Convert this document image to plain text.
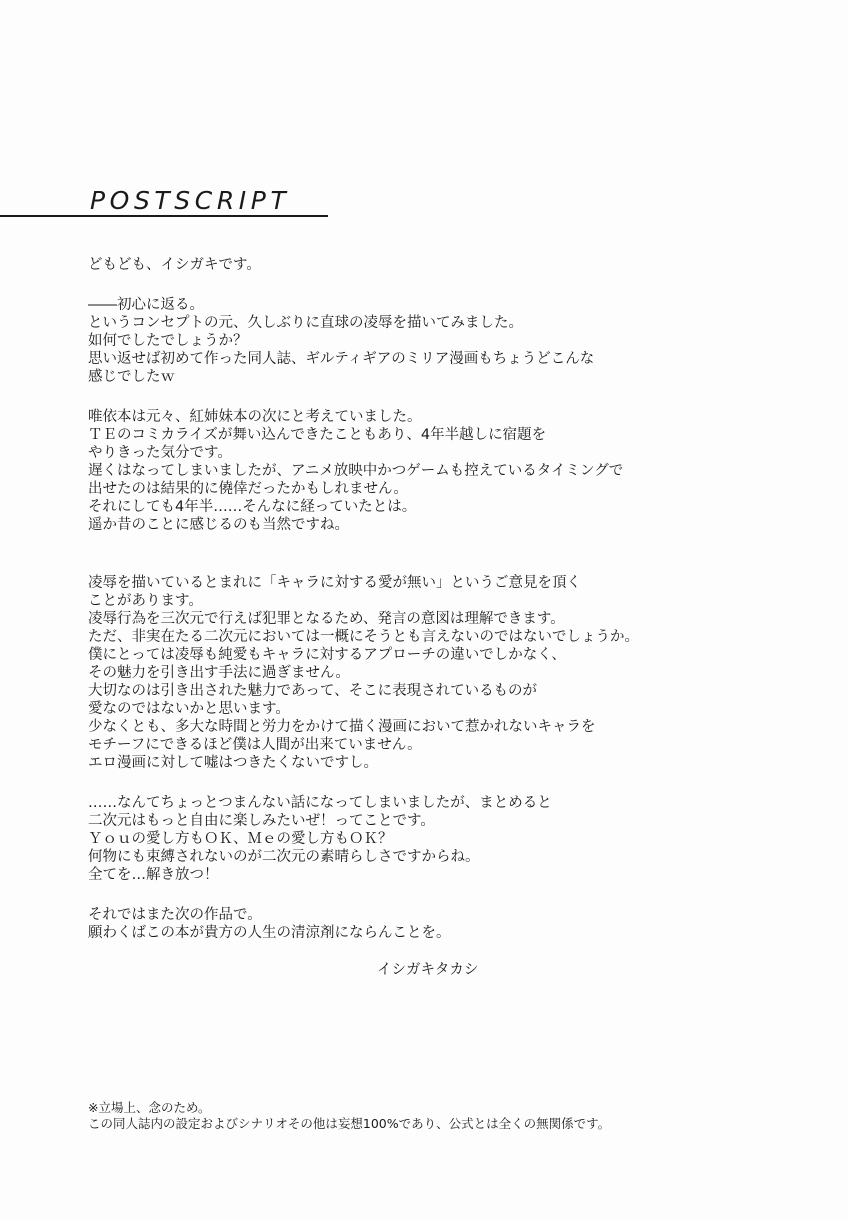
POSTSCRIPT
どもども、イシガキです。
――初心に返る。
というコンセプトの元、久しぶりに直球の凌辱を描いてみました。
如何でしたでしょうか？
思い返せば初めて作った同人誌、ギルティギアのミリア漫画もちょうどこんな
感じでしたｗ
唯依本は元々、紅姉妹本の次にと考えていました。
ＴＥのコミカライズが舞い込んできたこともあり、4年半越しに宿題を
やりきった気分です。
遅くはなってしまいましたが、アニメ放映中かつゲームも控えているタイミングで
出せたのは結果的に僥倖だったかもしれません。
それにしても4年半……そんなに経っていたとは。
遥か昔のことに感じるのも当然ですね。
凌辱を描いているとまれに「キャラに対する愛が無い」というご意見を頂く
ことがあります。
凌辱行為を三次元で行えば犯罪となるため、発言の意図は理解できます。
ただ、非実在たる二次元においては一概にそうとも言えないのではないでしょうか。
僕にとっては凌辱も純愛もキャラに対するアプローチの違いでしかなく、
その魅力を引き出す手法に過ぎません。
大切なのは引き出された魅力であって、そこに表現されているものが
愛なのではないかと思います。
少なくとも、多大な時間と労力をかけて描く漫画において惹かれないキャラを
モチーフにできるほど僕は人間が出来ていません。
エロ漫画に対して嘘はつきたくないですし。
……なんてちょっとつまんない話になってしまいましたが、まとめると
二次元はもっと自由に楽しみたいぜ！ってことです。
Ｙｏｕの愛し方もＯＫ、Ｍｅの愛し方もＯＫ？
何物にも束縛されないのが二次元の素晴らしさですからね。
全てを…解き放つ！
それではまた次の作品で。
願わくばこの本が貴方の人生の清涼剤にならんことを。
イシガキタカシ
※立場上、念のため。
この同人誌内の設定およびシナリオその他は妄想100%であり、公式とは全くの無関係です。
